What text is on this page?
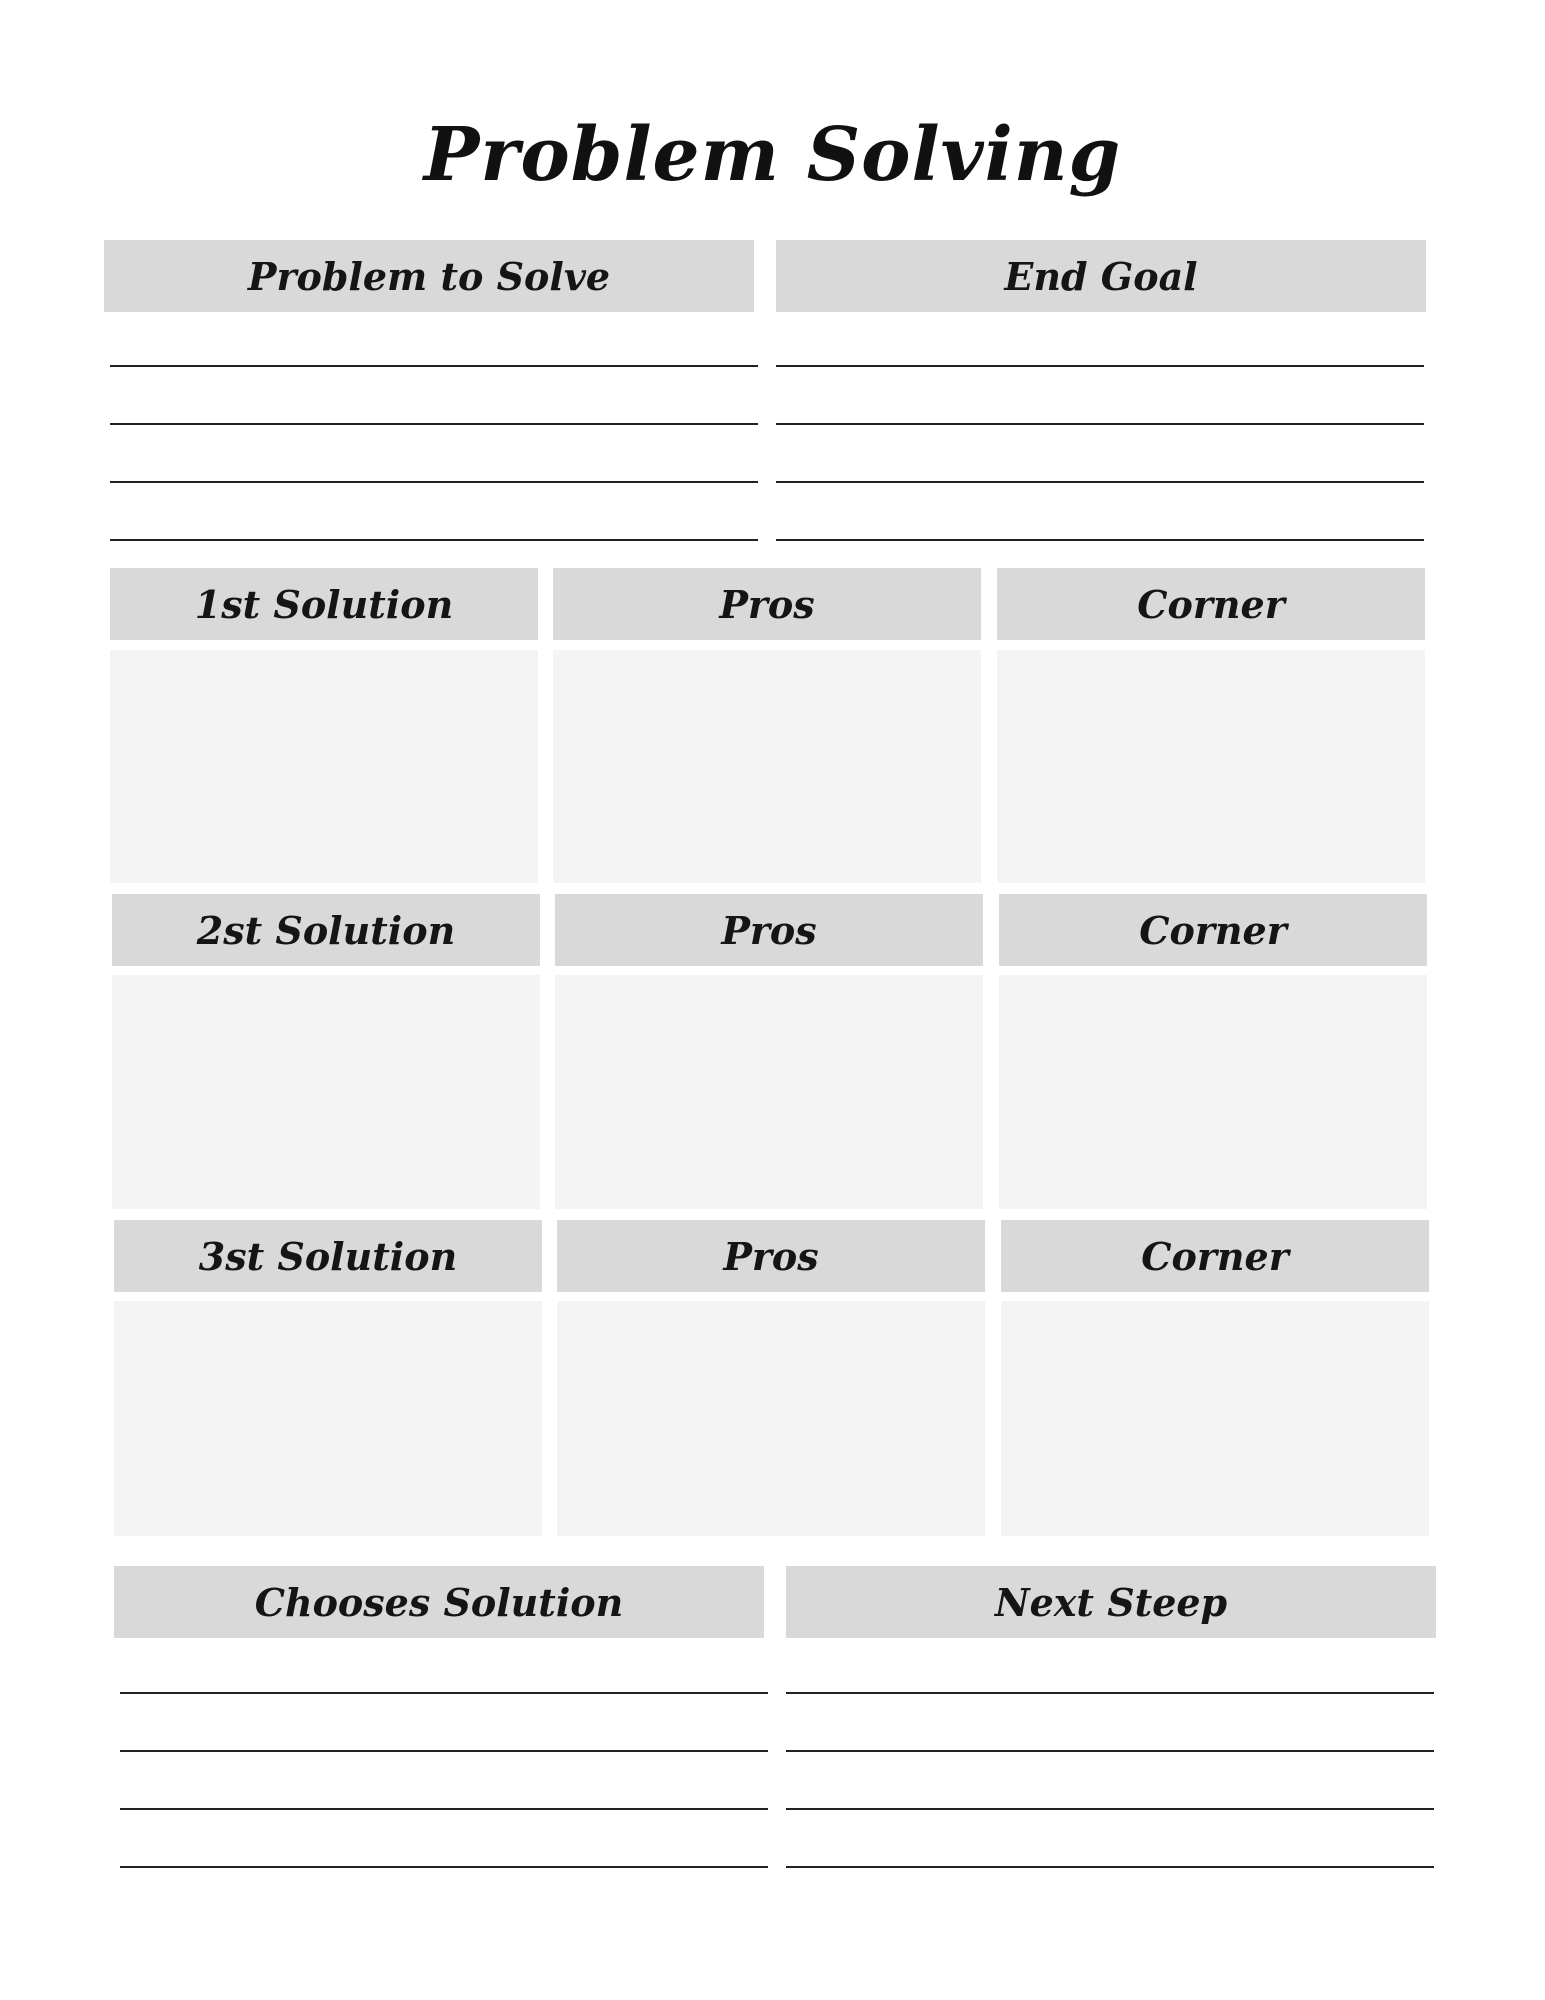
Problem Solving
Problem to Solve	End Goal
1st Solution	Pros	Corner
2st Solution	Pros	Corner
3st Solution	Pros	Corner
Chooses Solution	Next Steep
